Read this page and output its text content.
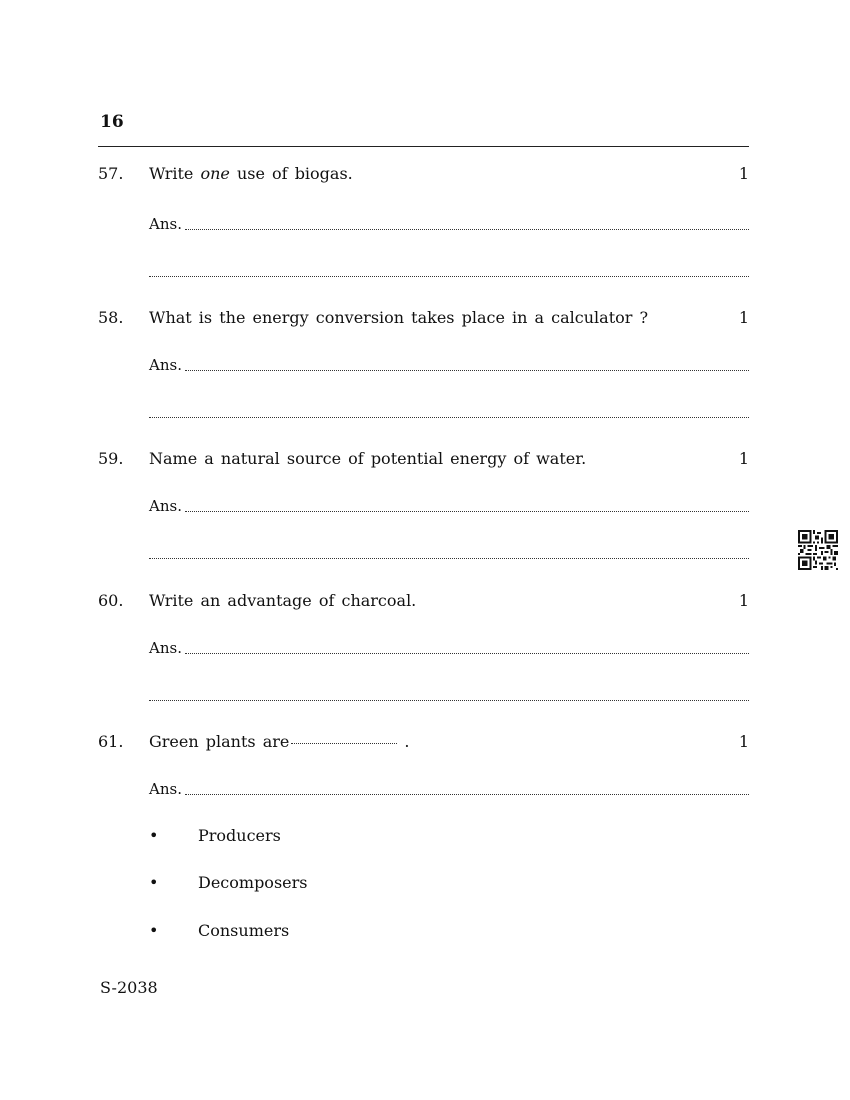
16
57. Write one use of biogas.	1
Ans.
58. What is the energy conversion takes place in a calculator ?	1
Ans.
59. Name a natural source of potential energy of water.	1
Ans.
60. Write an advantage of charcoal.	1
Ans.
61. Green plants are	.	1
Ans.
• Producers
• Decomposers
• Consumers
S-2038
